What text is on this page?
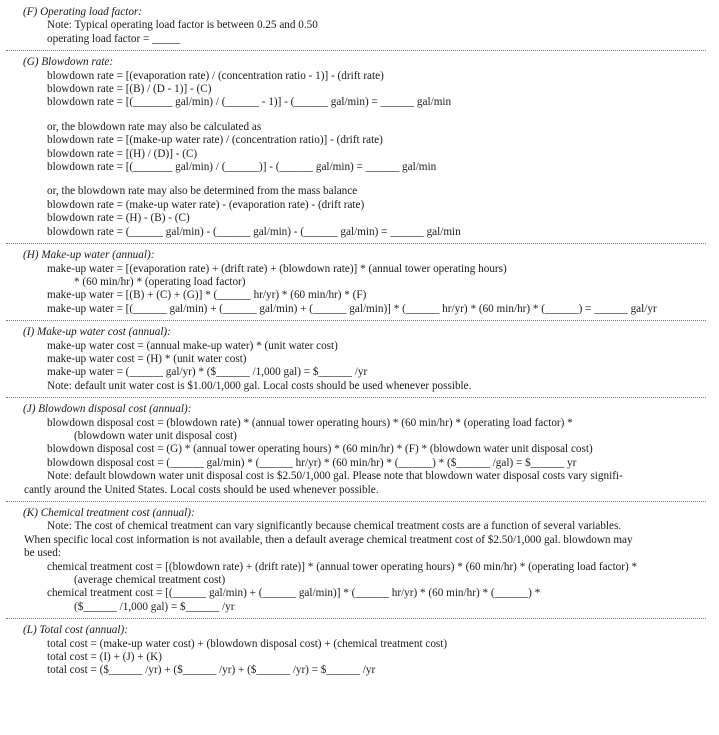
(F) Operating load factor:
Note: Typical operating load factor is between 0.25 and 0.50
operating load factor = _____
(G) Blowdown rate:
blowdown rate = [(evaporation rate) / (concentration ratio - 1)] - (drift rate)
blowdown rate = [(B) / (D - 1)] - (C)
blowdown rate = [(_______ gal/min) / (______ - 1)] - (______ gal/min) = ______ gal/min
or, the blowdown rate may also be calculated as
blowdown rate = [(make-up water rate) / (concentration ratio)] - (drift rate)
blowdown rate = [(H) / (D)] - (C)
blowdown rate = [(_______ gal/min) / (______)] - (______ gal/min) = ______ gal/min
or, the blowdown rate may also be determined from the mass balance
blowdown rate = (make-up water rate) - (evaporation rate) - (drift rate)
blowdown rate = (H) - (B) - (C)
blowdown rate = (______ gal/min) - (______ gal/min) - (______ gal/min) = ______ gal/min
(H) Make-up water (annual):
make-up water = [(evaporation rate) + (drift rate) + (blowdown rate)] * (annual tower operating hours)
* (60 min/hr) * (operating load factor)
make-up water = [(B) + (C) + (G)] * (______ hr/yr) * (60 min/hr) * (F)
make-up water = [(______ gal/min) + (______ gal/min) + (______ gal/min)] * (______ hr/yr) * (60 min/hr) * (______) = ______ gal/yr
(I) Make-up water cost (annual):
make-up water cost = (annual make-up water) * (unit water cost)
make-up water cost = (H) * (unit water cost)
make-up water = (______ gal/yr) * ($______ /1,000 gal) = $______ /yr
Note: default unit water cost is $1.00/1,000 gal. Local costs should be used whenever possible.
(J) Blowdown disposal cost (annual):
blowdown disposal cost = (blowdown rate) * (annual tower operating hours) * (60 min/hr) * (operating load factor) *
(blowdown water unit disposal cost)
blowdown disposal cost = (G) * (annual tower operating hours) * (60 min/hr) * (F) * (blowdown water unit disposal cost)
blowdown disposal cost = (______ gal/min) * (______ hr/yr) * (60 min/hr) * (______) * ($______ /gal) = $______ yr
Note: default blowdown water unit disposal cost is $2.50/1,000 gal. Please note that blowdown water disposal costs vary signifi-
cantly around the United States. Local costs should be used whenever possible.
(K) Chemical treatment cost (annual):
Note: The cost of chemical treatment can vary significantly because chemical treatment costs are a function of several variables.
When specific local cost information is not available, then a default average chemical treatment cost of $2.50/1,000 gal. blowdown may
be used:
chemical treatment cost = [(blowdown rate) + (drift rate)] * (annual tower operating hours) * (60 min/hr) * (operating load factor) *
(average chemical treatment cost)
chemical treatment cost = [(______ gal/min) + (______ gal/min)] * (______ hr/yr) * (60 min/hr) * (______) *
($______ /1,000 gal) = $______ /yr
(L) Total cost (annual):
total cost = (make-up water cost) + (blowdown disposal cost) + (chemical treatment cost)
total cost = (I) + (J) + (K)
total cost = ($______ /yr) + ($______ /yr) + ($______ /yr) = $______ /yr
